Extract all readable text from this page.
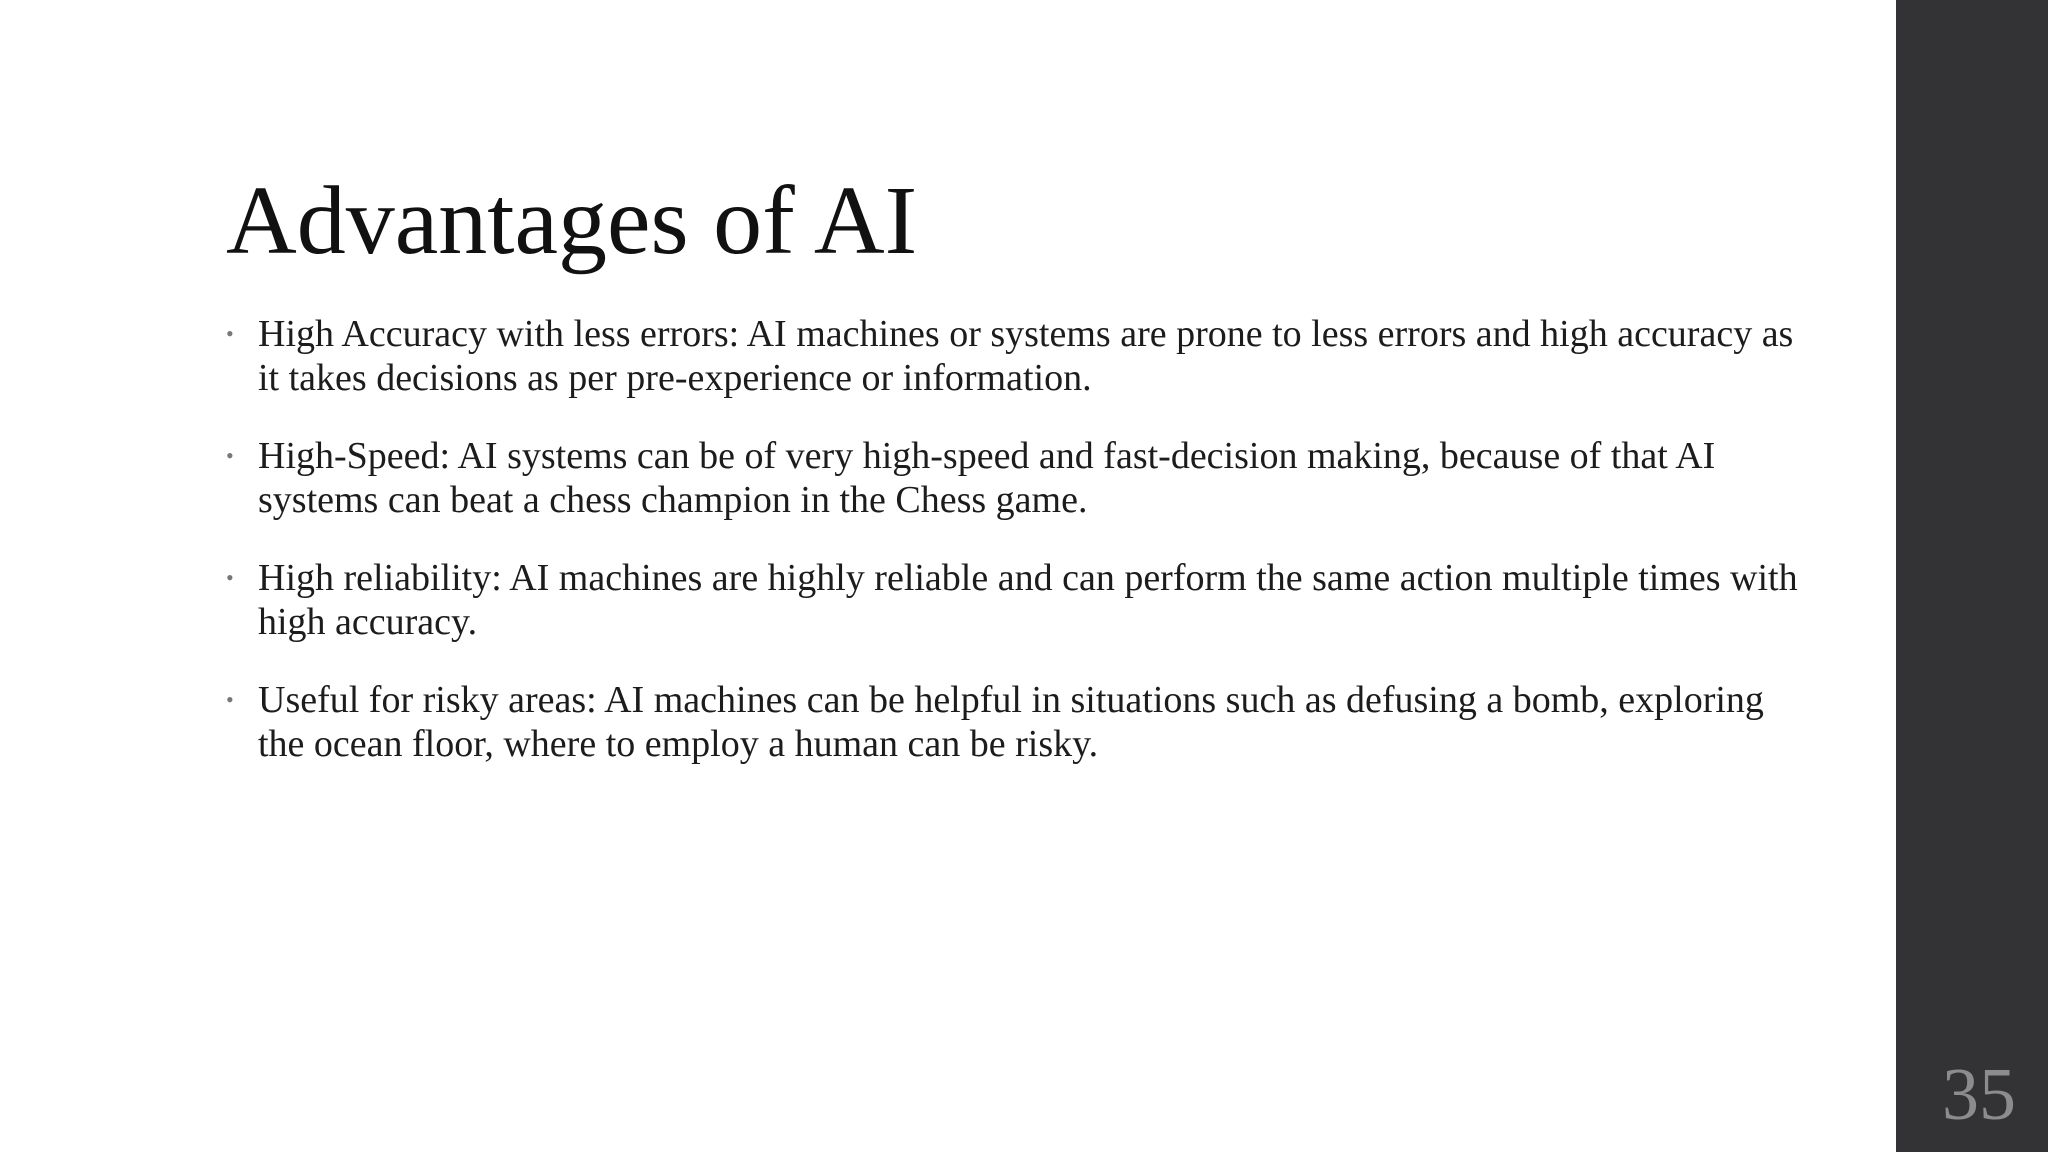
Advantages of AI
• High Accuracy with less errors: AI machines or systems are prone to less errors and high accuracy as it takes decisions as per pre-experience or information.
• High-Speed: AI systems can be of very high-speed and fast-decision making, because of that AI systems can beat a chess champion in the Chess game.
• High reliability: AI machines are highly reliable and can perform the same action multiple times with high accuracy.
• Useful for risky areas: AI machines can be helpful in situations such as defusing a bomb, exploring the ocean floor, where to employ a human can be risky.
35
